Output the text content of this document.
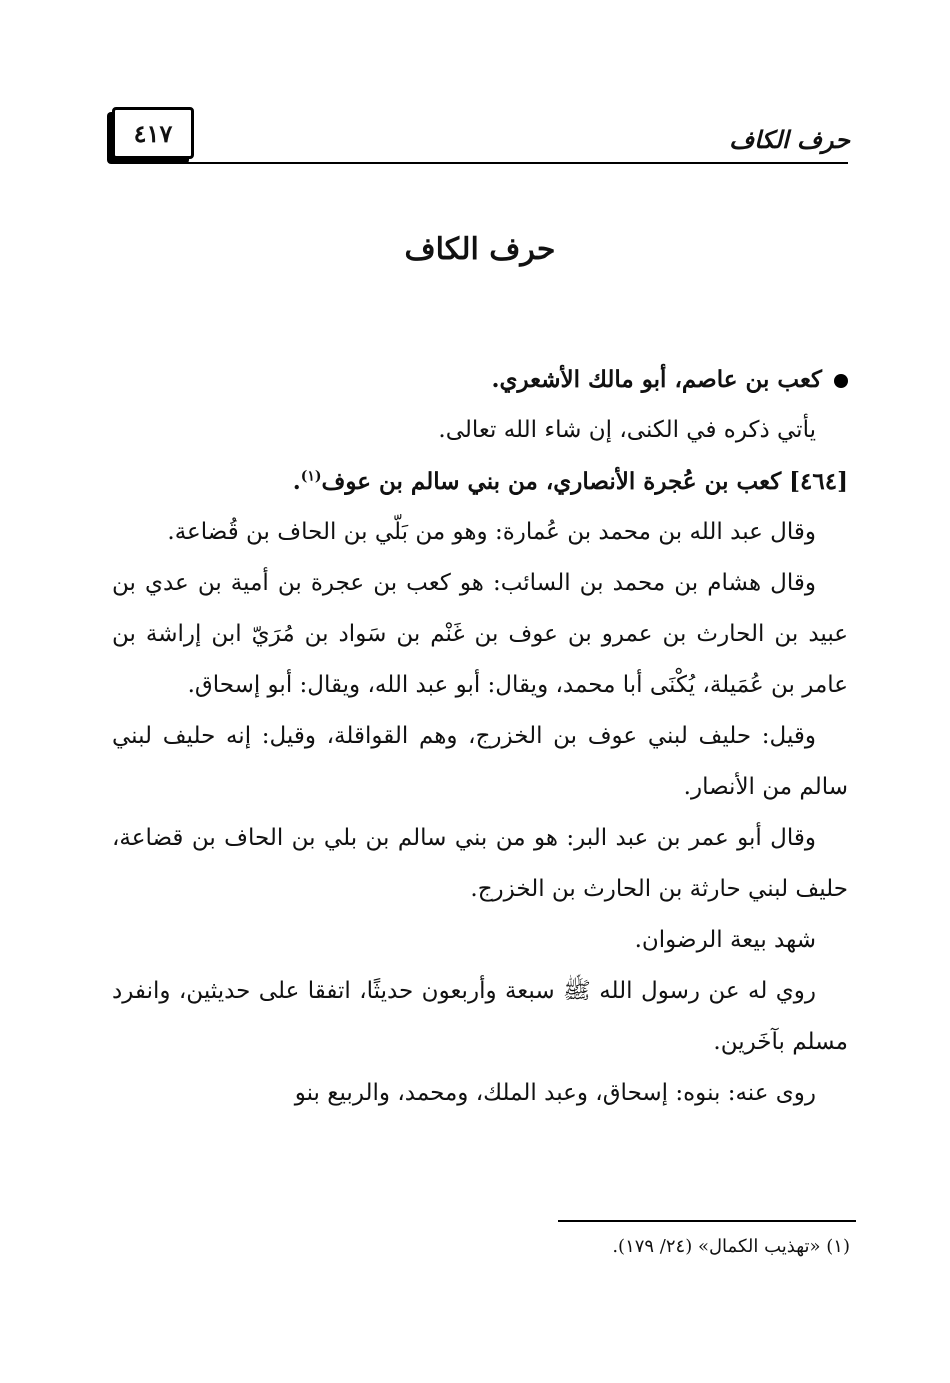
حرف الكاف
٤١٧
حرف الكاف

كعب بن عاصم، أبو مالك الأشعري.

يأتي ذكره في الكنى، إن شاء الله تعالى.

[٤٦٤] كعب بن عُجرة الأنصاري، من بني سالم بن عوف$^{(١)}$.

وقال عبد الله بن محمد بن عُمارة: وهو من بَلّي بن الحاف بن قُضاعة.

وقال هشام بن محمد بن السائب: هو كعب بن عجرة بن أمية بن عدي بن عبيد بن الحارث بن عمرو بن عوف بن غَنْم بن سَواد بن مُرَيّ ابن إراشة بن عامر بن عُمَيلة، يُكْنَى أبا محمد، ويقال: أبو عبد الله، ويقال: أبو إسحاق.

وقيل: حليف لبني عوف بن الخزرج، وهم القواقلة، وقيل: إنه حليف لبني سالم من الأنصار.

وقال أبو عمر بن عبد البر: هو من بني سالم بن بلي بن الحاف بن قضاعة، حليف لبني حارثة بن الحارث بن الخزرج.

شهد بيعة الرضوان.

روي له عن رسول الله ﷺ سبعة وأربعون حديثًا، اتفقا على حديثين، وانفرد مسلم بآخَرين.

روى عنه: بنوه: إسحاق، وعبد الملك، ومحمد، والربيع بنو

(١) «تهذيب الكمال» (٢٤/ ١٧٩).
